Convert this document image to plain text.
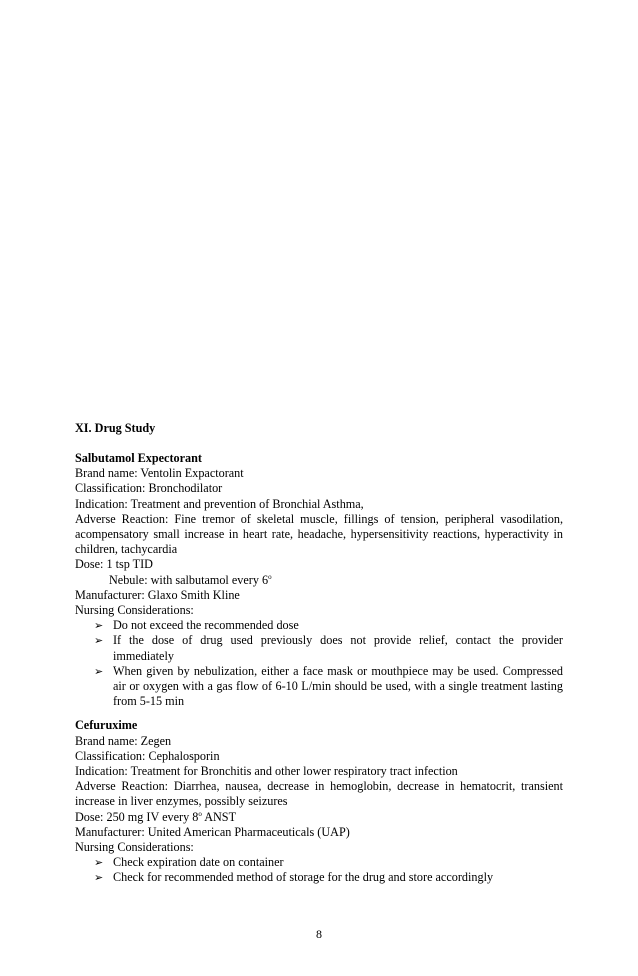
XI. Drug Study

Salbutamol Expectorant

Brand name: Ventolin Expactorant

Classification: Bronchodilator

Indication: Treatment and prevention of Bronchial Asthma,

Adverse Reaction: Fine tremor of skeletal muscle, fillings of tension, peripheral vasodilation, acompensatory small increase in heart rate, headache, hypersensitivity reactions, hyperactivity in children, tachycardia

Dose: 1 tsp TID

Nebule: with salbutamol every 6$^o$

Manufacturer: Glaxo Smith Kline

Nursing Considerations:

➢ Do not exceed the recommended dose
➢ If the dose of drug used previously does not provide relief, contact the provider immediately
➢ When given by nebulization, either a face mask or mouthpiece may be used. Compressed air or oxygen with a gas flow of 6-10 L/min should be used, with a single treatment lasting from 5-15 min

Cefuruxime

Brand name: Zegen

Classification: Cephalosporin

Indication: Treatment for Bronchitis and other lower respiratory tract infection

Adverse Reaction: Diarrhea, nausea, decrease in hemoglobin, decrease in hematocrit, transient increase in liver enzymes, possibly seizures

Dose: 250 mg IV every 8$^o$ ANST

Manufacturer: United American Pharmaceuticals (UAP)

Nursing Considerations:

➢ Check expiration date on container
➢ Check for recommended method of storage for the drug and store accordingly
8
